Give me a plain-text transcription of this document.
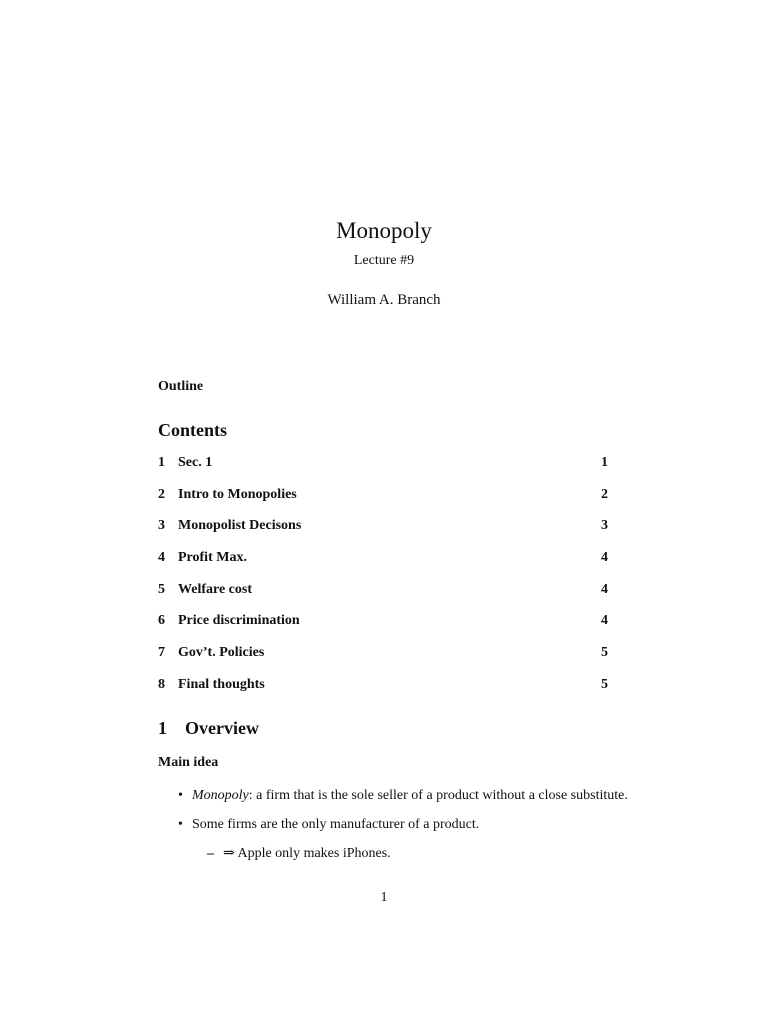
Monopoly
Lecture #9
William A. Branch
Outline
Contents
1 Sec. 1	1
2 Intro to Monopolies	2
3 Monopolist Decisons	3
4 Profit Max.	4
5 Welfare cost	4
6 Price discrimination	4
7 Gov’t. Policies	5
8 Final thoughts	5
1 Overview
Main idea
• Monopoly: a firm that is the sole seller of a product without a close substitute.
• Some firms are the only manufacturer of a product.
– ⇒ Apple only makes iPhones.
1
